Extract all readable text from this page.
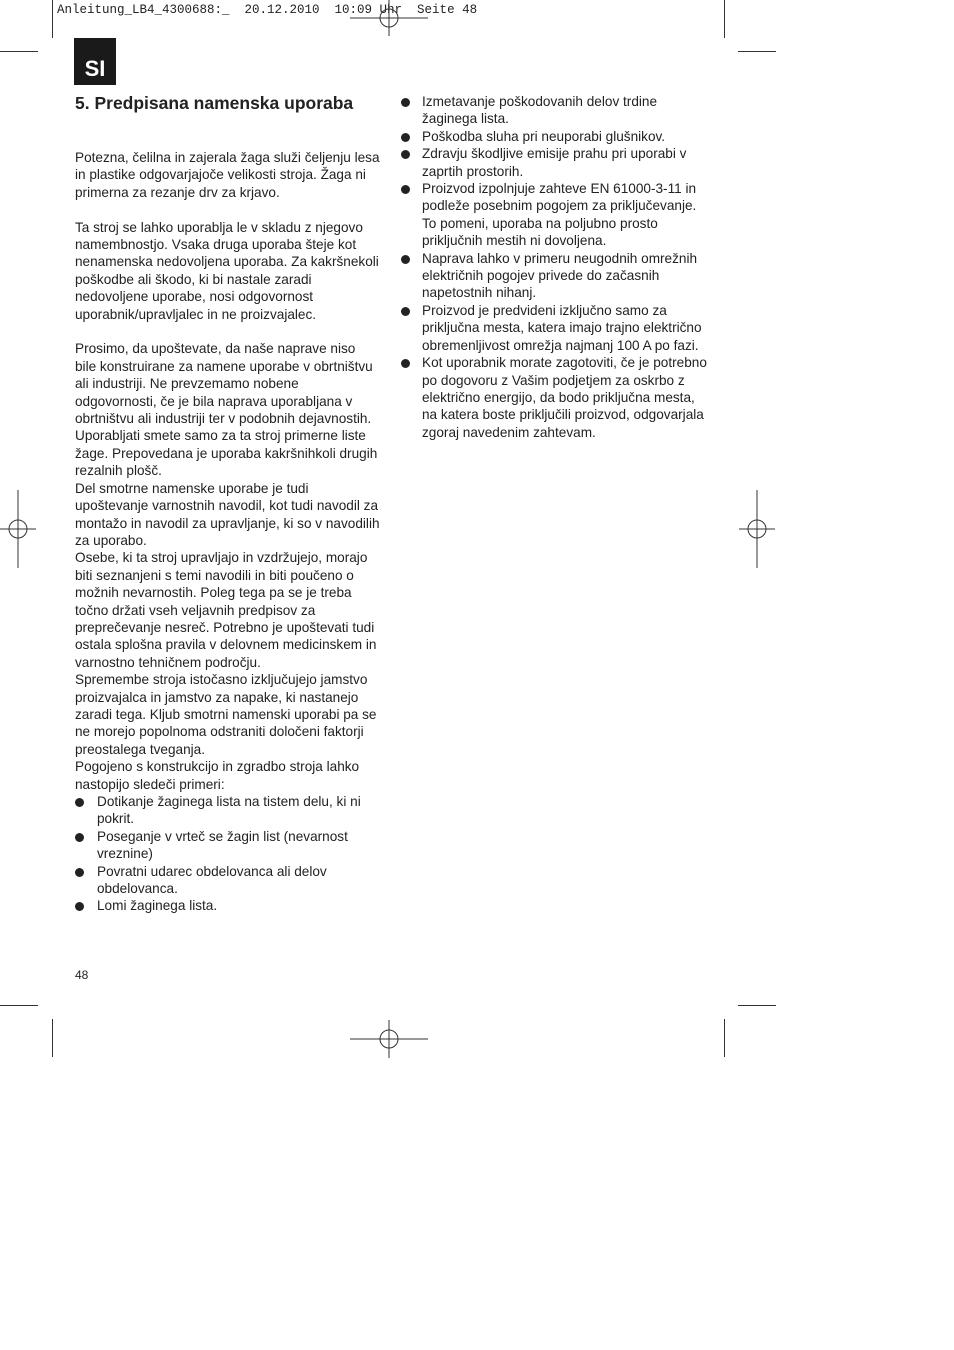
Anleitung_LB4_4300688:_  20.12.2010  10:09 Uhr  Seite 48
SI
5. Predpisana namenska uporaba

Potezna, čelilna in zajerala žaga služi čeljenju lesa in plastike odgovarjajoče velikosti stroja. Žaga ni primerna za rezanje drv za krjavo.

Ta stroj se lahko uporablja le v skladu z njegovo namembnostjo. Vsaka druga uporaba šteje kot nenamenska nedovoljena uporaba. Za kakršnekoli poškodbe ali škodo, ki bi nastale zaradi nedovoljene uporabe, nosi odgovornost uporabnik/upravljalec in ne proizvajalec.

Prosimo, da upoštevate, da naše naprave niso bile konstruirane za namene uporabe v obrtništvu ali industriji. Ne prevzemamo nobene odgovornosti, če je bila naprava uporabljana v obrtništvu ali industriji ter v podobnih dejavnostih.

Uporabljati smete samo za ta stroj primerne liste žage. Prepovedana je uporaba kakršnihkoli drugih rezalnih plošč.

Del smotrne namenske uporabe je tudi upoštevanje varnostnih navodil, kot tudi navodil za montažo in navodil za upravljanje, ki so v navodilih za uporabo.

Osebe, ki ta stroj upravljajo in vzdržujejo, morajo biti seznanjeni s temi navodili in biti poučeno o možnih nevarnostih. Poleg tega pa se je treba točno držati vseh veljavnih predpisov za preprečevanje nesreč. Potrebno je upoštevati tudi ostala splošna pravila v delovnem medicinskem in varnostno tehničnem področju.

Spremembe stroja istočasno izključujejo jamstvo proizvajalca in jamstvo za napake, ki nastanejo zaradi tega. Kljub smotrni namenski uporabi pa se ne morejo popolnoma odstraniti določeni faktorji preostalega tveganja.

Pogojeno s konstrukcijo in zgradbo stroja lahko nastopijo sledeči primeri:

Dotikanje žaginega lista na tistem delu, ki ni pokrit.
Poseganje v vrteč se žagin list (nevarnost vreznine)
Povratni udarec obdelovanca ali delov obdelovanca.
Lomi žaginega lista.
Izmetavanje poškodovanih delov trdine žaginega lista.
Poškodba sluha pri neuporabi glušnikov.
Zdravju škodljive emisije prahu pri uporabi v zaprtih prostorih.
Proizvod izpolnjuje zahteve EN 61000-3-11 in podleže posebnim pogojem za priključevanje. To pomeni, uporaba na poljubno prosto priključnih mestih ni dovoljena.
Naprava lahko v primeru neugodnih omrežnih električnih pogojev privede do začasnih napetostnih nihanj.
Proizvod je predvideni izključno samo za priključna mesta, katera imajo trajno električno obremenljivost omrežja najmanj 100 A po fazi.
Kot uporabnik morate zagotoviti, če je potrebno po dogovoru z Vašim podjetjem za oskrbo z električno energijo, da bodo priključna mesta, na katera boste priključili proizvod, odgovarjala zgoraj navedenim zahtevam.
48
